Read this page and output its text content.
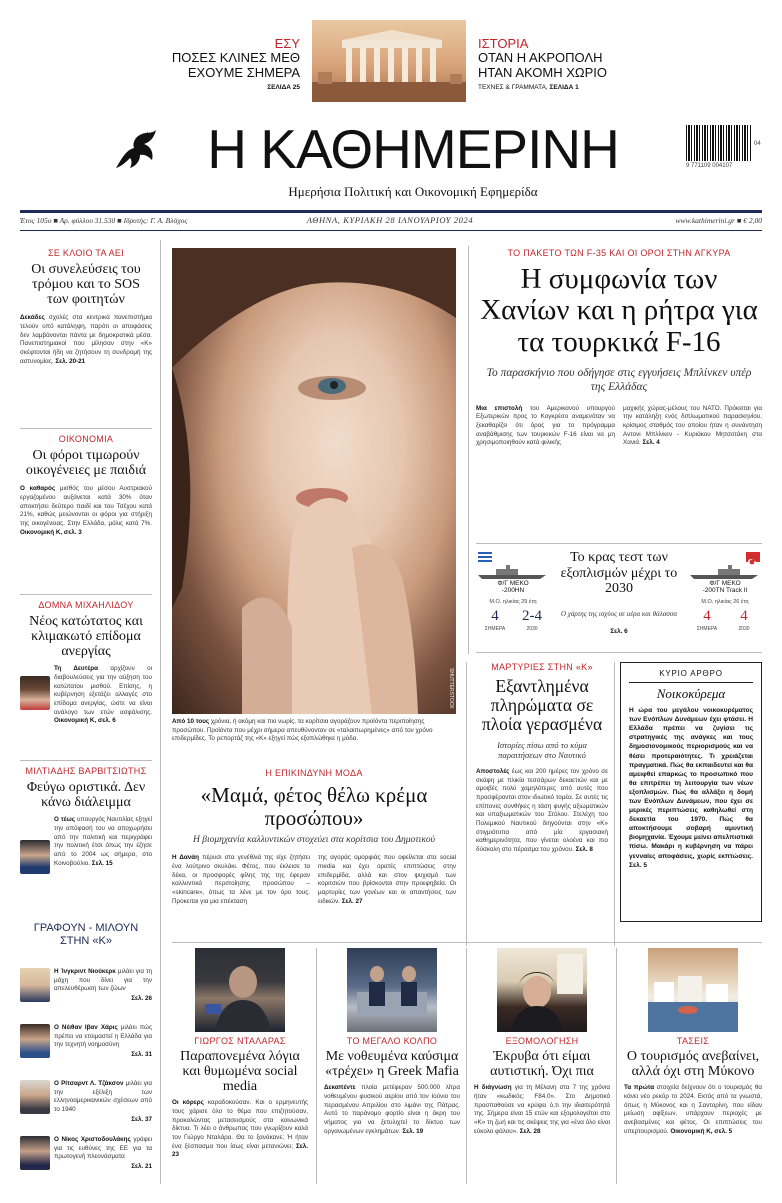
ΕΣΥ
ΠΟΣΕΣ ΚΛΙΝΕΣ ΜΕΘ
ΕΧΟΥΜΕ ΣΗΜΕΡΑ
ΣΕΛΙΔΑ 25
ΙΣΤΟΡΙΑ
ΟΤΑΝ Η ΑΚΡΟΠΟΛΗ
ΗΤΑΝ ΑΚΟΜΗ ΧΩΡΙΟ
ΤΕΧΝΕΣ & ΓΡΑΜΜΑΤΑ, ΣΕΛΙΔΑ 1
Η ΚΑΘΗΜΕΡΙΝΗ
Ημερήσια Πολιτική και Οικονομική Εφημερίδα
9 771109 004107
04
Έτος 105ο ■ Αρ. φύλλου 31.530 ■ Ιδρυτής: Γ. Α. Βλάχος	ΑΘΗΝΑ, ΚΥΡΙΑΚΗ 28 ΙΑΝΟΥΑΡΙΟΥ 2024	www.kathimerini.gr ■ € 2,00
ΣΕ ΚΛΟΙΟ ΤΑ ΑΕΙ
Οι συνελεύσεις του τρόμου και το SOS των φοιτητών
Δεκάδες σχολές στα κεντρικά πανεπιστήμια τελούν υπό κατάληψη, παρότι οι αποφάσεις δεν λαμβάνονται πάντα με δημοκρατικά μέσα. Πανεπιστημιακοί που μίλησαν στην «Κ» σκέφτονται ήδη να ζητήσουν τη συνδρομή της αστυνομίας. Σελ. 20-21
ΟΙΚΟΝΟΜΙΑ
Οι φόροι τιμωρούν οικογένειες με παιδιά
Ο καθαρός μισθός του μέσου Αυστριακού εργαζομένου αυξάνεται κατά 30% όταν αποκτήσει δεύτερο παιδί και του Τσέχου κατά 21%, καθώς μειώνονται οι φόροι για στήριξη της οικογένειας. Στην Ελλάδα, μόλις κατά 7%. Οικονομική Κ, σελ. 3
ΔΟΜΝΑ ΜΙΧΑΗΛΙΔΟΥ
Νέος κατώτατος και κλιμακωτό επίδομα ανεργίας
Τη Δευτέρα αρχίζουν οι διαβουλεύσεις για την αύξηση του κατώτατου μισθού. Επίσης, η κυβέρνηση εξετάζει αλλαγές στο επίδομα ανεργίας, ώστε να είναι ανάλογο των ετών ασφάλισης. Οικονομική Κ, σελ. 6
ΜΙΛΤΙΑΔΗΣ ΒΑΡΒΙΤΣΙΩΤΗΣ
Φεύγω οριστικά. Δεν κάνω διάλειμμα
Ο τέως υπουργός Ναυτιλίας εξηγεί την απόφασή του να αποχωρήσει από την πολιτική και περιγράφει την πολιτική έτσι όπως την έζησε από το 2004 ως σήμερα, στο Κοινοβούλιο. Σελ. 15
ΓΡΑΦΟΥΝ - ΜΙΛΟΥΝ ΣΤΗΝ «Κ»
Η Ίνγκριντ Νιούκερκ μιλάει για τη μάχη που δίνει για την απελευθέρωση των ζώων
Σελ. 26
Ο Νέιθαν Ιβαν Χάρις μιλάει πώς πρέπει να ετοιμαστεί η Ελλάδα για την τεχνητή νοημοσύνη
Σελ. 31
Ο Ρίτσαρντ Λ. Τζάκσον μιλάει για την εξέλιξη των ελληνοαμερικανικών σχέσεων από το 1940
Σελ. 37
Ο Νίκος Χριστοδουλάκης γράφει για τις ευθύνες της ΕΕ για τα πρωτογενή πλεονάσματα
Σελ. 21
SHUTTERSTOCK
Από 10 τους χρόνια, ή ακόμη και πιο νωρίς, τα κορίτσια αγοράζουν προϊόντα περιποίησης προσώπου. Προϊόντα που μέχρι σήμερα απευθύνονταν σε «ταλαιπωρημένες» από τον χρόνο επιδερμίδες. Το ρεπορτάζ της «Κ» εξηγεί πώς εξαπλώθηκε η μόδα.
Η ΕΠΙΚΙΝΔΥΝΗ ΜΟΔΑ
«Μαμά, φέτος θέλω κρέμα προσώπου»
Η βιομηχανία καλλυντικών στοχεύει στα κορίτσια του Δημοτικού
Η Δανάη πέρυσι στα γενέθλιά της είχε ζητήσει ένα λούτρινο σκυλάκι. Φέτος, που έκλεισε τα δέκα, οι προσφορές φίλης της της έφεραν καλλυντικά περιποίησης προσώπου – «skincare», όπως τα λένε με τον όρο τους. Προκειται για μια επέκταση
της αγοράς ομορφιάς που οφείλεται στα social media και έχει ορατές επιπτώσεις στην επιδερμίδα, αλλά και στον ψυχισμό των κοριτσιών που βρίσκονται στην προεφηβεία. Οι μαρτυρίες των γονέων και οι απαντήσεις των ειδικών. Σελ. 27
ΤΟ ΠΑΚΕΤΟ ΤΩΝ F-35 ΚΑΙ ΟΙ ΟΡΟΙ ΣΤΗΝ ΑΓΚΥΡΑ
Η συμφωνία των Χανίων και η ρήτρα για τα τουρκικά F-16
Το παρασκήνιο που οδήγησε στις εγγυήσεις Μπλίνκεν υπέρ της Ελλάδας
Μια επιστολή του Αμερικανού υπουργού Εξωτερικών προς το Κογκρέσο αναμενόταν να ξεκαθαρίζει ότι όρος για το πρόγραμμα αναβάθμισης των τουρκικών F-16 είναι να μη χρησιμοποιηθούν κατά φιλικής
μαχικής χώρας-μέλους του ΝΑΤΟ. Πρόκειται για την κατάληξη ενός διπλωματικού παρασκηνίου, κρίσιμος σταθμός του οποίου ήταν η συνάντηση Αντονι Μπλίνκεν - Κυριάκου Μητσοτάκη στα Χανιά. Σελ. 4
Φ/Γ ΜΕΚΟ
-200HN
Μ.Ο. ηλικίας 29 έτη
4	2-4
ΣΗΜΕΡΑ	2030
Το κρας τεστ των εξοπλισμών μέχρι το 2030
Ο χάρτης της ισχύος σε αέρα και θάλασσα
Σελ. 6
Φ/Γ ΜΕΚΟ
-200TN Track II
Μ.Ο. ηλικίας 26 έτη
4	4
ΣΗΜΕΡΑ	2030
ΜΑΡΤΥΡΙΕΣ ΣΤΗΝ «Κ»
Εξαντλημένα πληρώματα σε πλοία γερασμένα
Ιστορίες πίσω από το κύμα παραιτήσεων στο Ναυτικό
Αποστολές έως και 200 ημέρες τον χρόνο σε σκάφη με πλικία τεσσάρων δεκαετιών και με αμοιβές πολύ χαμηλότερες από αυτές που προσφέρονται στον ιδιωτικό τομέα. Σε αυτές τις επίπονες συνθήκες η τάση φυγής αξιωματικών και υπαξιωματικών του Στόλου. Στελέχη του Πολεμικού Ναυτικού διηγούνται στην «Κ» στιγμιότυπα από μία εργασιακή καθημερινότητα, που γίνεται ολοένα και πιο δύσκολη στο πέρασμα του χρόνου. Σελ. 8
ΚΥΡΙΟ ΑΡΘΡΟ
Νοικοκύρεμα
Η ώρα του μεγάλου νοικοκυρέματος των Ενόπλων Δυνάμεων έχει φτάσει. Η Ελλάδα πρέπει να ζυγίσει τις στρατηγικές της ανάγκες και τους δημοσιονομικούς περιορισμούς και να θέσει προτεραιότητες. Τι χρειάζεται πραγματικά. Πώς θα εκπαιδευτεί και θα αμειφθεί επαρκώς το προσωπικό που θα επιτρέπει τη λειτουργία των νέων εξοπλισμών. Πώς θα αλλάξει η δομή των Ενόπλων Δυνάμεων, που έχει σε μερικές περιπτώσεις καθηλωθεί στη δεκαετία του 1970. Πώς θα αποκτήσουμε σοβαρή αμυντική βιομηχανία. Έχουμε μείνει απελπιστικά πίσω. Μακάρι η κυβέρνηση να πάρει γενναίες αποφάσεις, χωρίς εκπτώσεις. Σελ. 5
ΓΙΩΡΓΟΣ ΝΤΑΛΑΡΑΣ
Παραπονεμένα λόγια και θυμωμένα social media
Οι κόρερς καραδοκούσαν. Και ο ερμηνευτής τους χάρισε όλο το θέμα που επιζητούσαν, προκαλώντας μετασεισμούς στα κοινωνικά δίκτυα. Τι λέει ο άνθρωπος που γνωρίζουν καλά τον Γιώργο Νταλάρα. Θα το ξανάκανε; Ή ήταν ένα ξέσπασμα που ίσως είναι μετανιώνει; Σελ. 23
ΤΟ ΜΕΓΑΛΟ ΚΟΛΠΟ
Με νοθευμένα καύσιμα «τρέχει» η Greek Mafia
Δεκαπέντε πλοία μετέφεραν 500.000 λίτρα νοθευμένου φυσικού αερίου από τον Ιούνιο του περασμένου Απριλίου στο λιμάνι της Πάτρας. Αυτό το παράνομο φορτίο είναι η άκρη του νήματος για να ξετυλιχτεί το δίκτυο των οργανωμένων εγκλημάτων. Σελ. 19
ΕΞΟΜΟΛΟΓΗΣΗ
Έκρυβα ότι είμαι αυτιστική. Όχι πια
Η διάγνωση για τη Μέλανη στα 7 της χρόνια ήταν «κωδικός: F84.0». Στο Δημοτικό προσπαθούσε να κρύψει ό,τι την ιδιαιτερότητά της. Σήμερα είναι 15 ετών και εξομολογείται στο «Κ» τη ζωή και τις σκέψεις της για «ένα όλο είναι εύκολο φάλου». Σελ. 28
ΤΑΣΕΙΣ
Ο τουρισμός ανεβαίνει, αλλά όχι στη Μύκονο
Τα πρώτα στοιχεία δείχνουν ότι ο τουρισμός θα κάνει νέο ρεκόρ το 2024. Εκτός από τα γνωστά, όπως η Μύκονος και η Σαντορίνη, που είδαν μείωση αφίξεων, υπάρχουν περιοχές με ανεβασμένες και φέτος. Οι επιπτώσεις του υπερτουρισμού. Οικονομική Κ, σελ. 5
